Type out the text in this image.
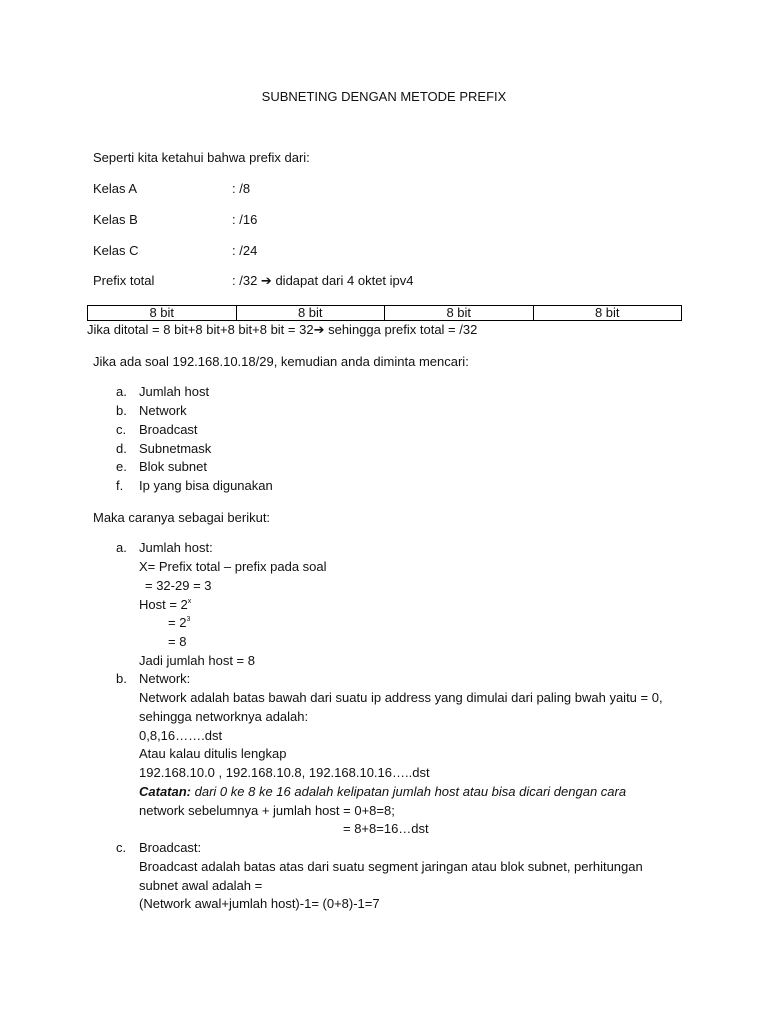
SUBNETING DENGAN METODE PREFIX
Seperti kita ketahui bahwa prefix dari:
Kelas A	: /8
Kelas B	: /16
Kelas C	: /24
Prefix total	: /32 ➔ didapat dari 4 oktet ipv4
8 bit	8 bit	8 bit	8 bit
Jika ditotal = 8 bit+8 bit+8 bit+8 bit = 32➔ sehingga prefix total = /32
Jika ada soal 192.168.10.18/29, kemudian anda diminta mencari:
a. Jumlah host
b. Network
c. Broadcast
d. Subnetmask
e. Blok subnet
f. Ip yang bisa digunakan
Maka caranya sebagai berikut:
a. Jumlah host:
X= Prefix total – prefix pada soal
= 32-29 = 3
Host = $2^x$
= $2^3$
= 8
Jadi jumlah host = 8
b. Network:
Network adalah batas bawah dari suatu ip address yang dimulai dari paling bwah yaitu = 0,
sehingga networknya adalah:
0,8,16…….dst
Atau kalau ditulis lengkap
192.168.10.0 , 192.168.10.8, 192.168.10.16…..dst
Catatan: dari 0 ke 8 ke 16 adalah kelipatan jumlah host atau bisa dicari dengan cara
network sebelumnya + jumlah host = 0+8=8;
= 8+8=16…dst
c. Broadcast:
Broadcast adalah batas atas dari suatu segment jaringan atau blok subnet, perhitungan
subnet awal adalah =
(Network awal+jumlah host)-1= (0+8)-1=7
